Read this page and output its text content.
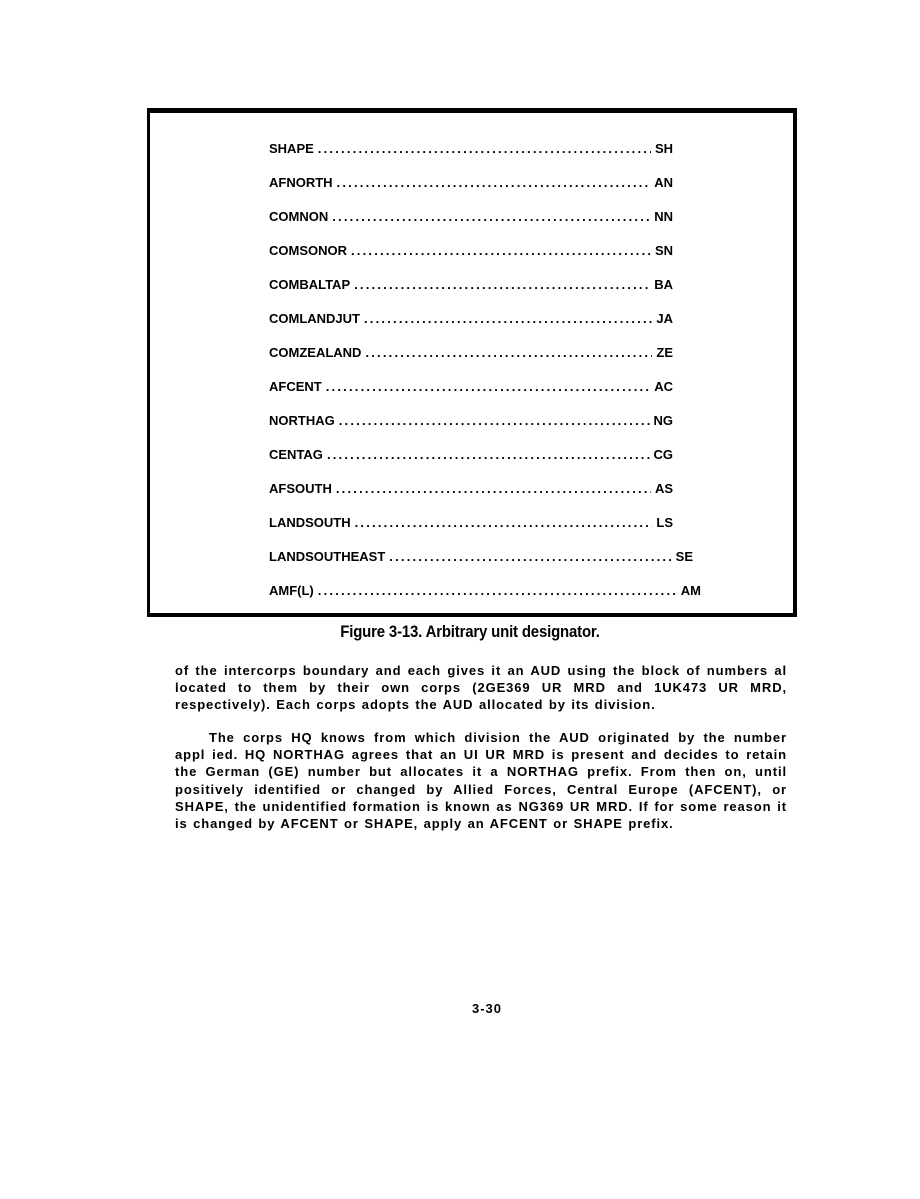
SHAPE .....	SH
AFNORTH .....	AN
COMNON .....	NN
COMSONOR .....	SN
COMBALTAP .....	BA
COMLANDJUT .....	JA
COMZEALAND .....	ZE
AFCENT .....	AC
NORTHAG .....	NG
CENTAG .....	CG
AFSOUTH .....	AS
LANDSOUTH .....	LS
LANDSOUTHEAST .....	SE
AMF(L) .....	AM
Figure 3-13. Arbitrary unit designator.

of the intercorps boundary and each gives it an AUD using the block of numbers al located to them by their own corps (2GE369 UR MRD and 1UK473 UR MRD, respectively). Each corps adopts the AUD allocated by its division.

The corps HQ knows from which division the AUD originated by the number appl ied. HQ NORTHAG agrees that an UI UR MRD is present and decides to retain the German (GE) number but allocates it a NORTHAG prefix. From then on, until positively identified or changed by Allied Forces, Central Europe (AFCENT), or SHAPE, the unidentified formation is known as NG369 UR MRD. If for some reason it is changed by AFCENT or SHAPE, apply an AFCENT or SHAPE prefix.

3-30
